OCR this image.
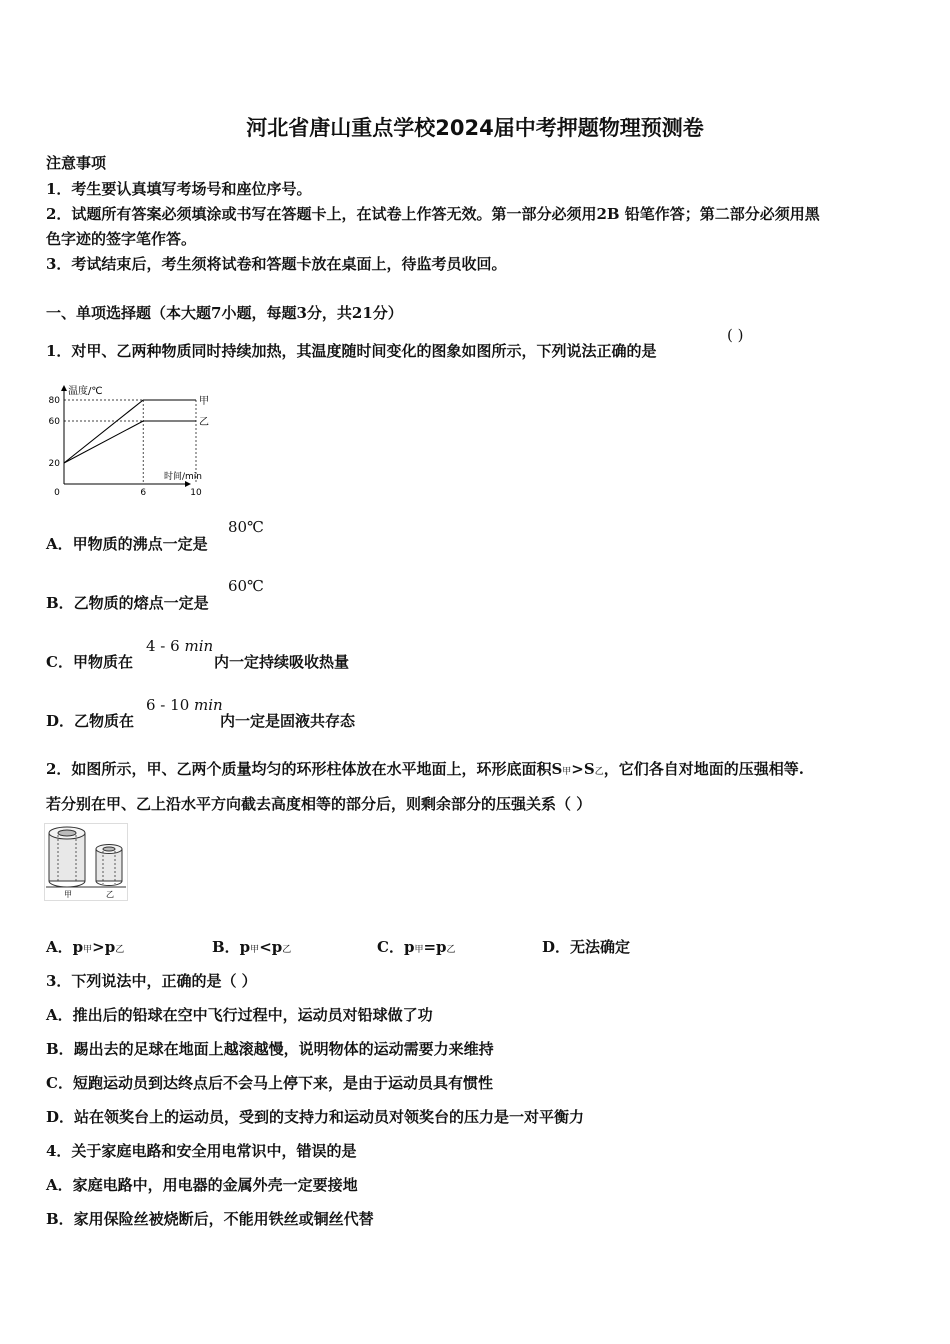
河北省唐山重点学校2024届中考押题物理预测卷
注意事项
1．考生要认真填写考场号和座位序号。
2．试题所有答案必须填涂或书写在答题卡上，在试卷上作答无效。第一部分必须用2B 铅笔作答；第二部分必须用黑
色字迹的签字笔作答。
3．考试结束后，考生须将试卷和答题卡放在桌面上，待监考员收回。
一、单项选择题（本大题7小题，每题3分，共21分）
1．对甲、乙两种物质同时持续加热，其温度随时间变化的图象如图所示，下列说法正确的是
( )
温度/℃
时间/min
20
60
80
0	6	10
甲
乙
A．甲物质的沸点一定是
80℃
B．乙物质的熔点一定是
60℃
C．甲物质在
4 - 6 min
内一定持续吸收热量
D．乙物质在
6 - 10 min
内一定是固液共存态
2．如图所示，甲、乙两个质量均匀的环形柱体放在水平地面上，环形底面积S甲>S乙，它们各自对地面的压强相等.
若分别在甲、乙上沿水平方向截去高度相等的部分后，则剩余部分的压强关系（ ）
甲	乙
A．p甲>p乙	B．p甲<p乙	C．p甲=p乙	D．无法确定
3．下列说法中，正确的是（ ）
A．推出后的铅球在空中飞行过程中，运动员对铅球做了功
B．踢出去的足球在地面上越滚越慢，说明物体的运动需要力来维持
C．短跑运动员到达终点后不会马上停下来，是由于运动员具有惯性
D．站在领奖台上的运动员，受到的支持力和运动员对领奖台的压力是一对平衡力
4．关于家庭电路和安全用电常识中，错误的是
A．家庭电路中，用电器的金属外壳一定要接地
B．家用保险丝被烧断后，不能用铁丝或铜丝代替
